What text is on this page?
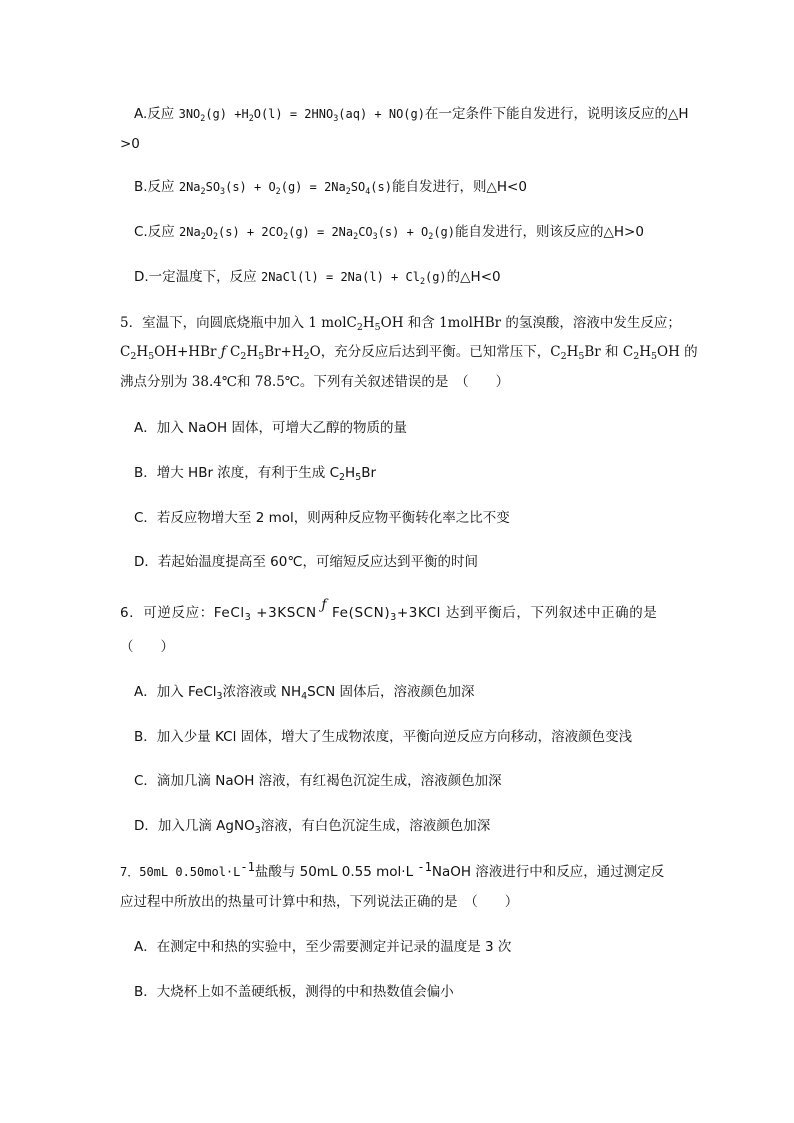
A.反应 $3NO_2(g) +H_2O(l) = 2HNO_3(aq) + NO(g)$在一定条件下能自发进行，说明该反应的△H
>0
B.反应 $2Na_2SO_3(s) + O_2(g) = 2Na_2SO_4(s)$能自发进行，则△H<0
C.反应 $2Na_2O_2(s) + 2CO_2(g) = 2Na_2CO_3(s) + O_2(g)$能自发进行，则该反应的△H>0
D.一定温度下，反应 2NaCl(l) = $2Na(l) + Cl_2(g)$的△H<0
5．室温下，向圆底烧瓶中加入 1 $molC_2H_5OH$ 和含 1molHBr 的氢溴酸，溶液中发生反应；
$C_2H_5OH+HBr$ ƒ $C_2H_5Br+H_2O$，充分反应后达到平衡。已知常压下，$C_2H_5Br$ 和 $C_2H_5OH$ 的
沸点分别为 38.4℃和 78.5℃。下列有关叙述错误的是　（　　）
A．加入 NaOH 固体，可增大乙醇的物质的量
B．增大 HBr 浓度，有利于生成 $C_2H_5Br$
C．若反应物增大至 2 mol，则两种反应物平衡转化率之比不变
D．若起始温度提高至 60℃，可缩短反应达到平衡的时间
6．可逆反应：FeCl$_3$ +3KSCN ƒ $Fe(SCN)_3+3KCl$ 达到平衡后，下列叙述中正确的是
（　　）
A．加入 FeCl$_3$浓溶液或 $NH_4SCN$ 固体后，溶液颜色加深
B．加入少量 KCl 固体，增大了生成物浓度，平衡向逆反应方向移动，溶液颜色变浅
C．滴加几滴 NaOH 溶液，有红褐色沉淀生成，溶液颜色加深
D．加入几滴 AgNO$_3$溶液，有白色沉淀生成，溶液颜色加深
7．50mL $0.50mol\cdot L^{-1}$盐酸与 50mL 0.55 mol·L $^{-1}$NaOH 溶液进行中和反应，通过测定反
应过程中所放出的热量可计算中和热，下列说法正确的是　（　　）
A．在测定中和热的实验中，至少需要测定并记录的温度是 3 次
B．大烧杯上如不盖硬纸板，测得的中和热数值会偏小
